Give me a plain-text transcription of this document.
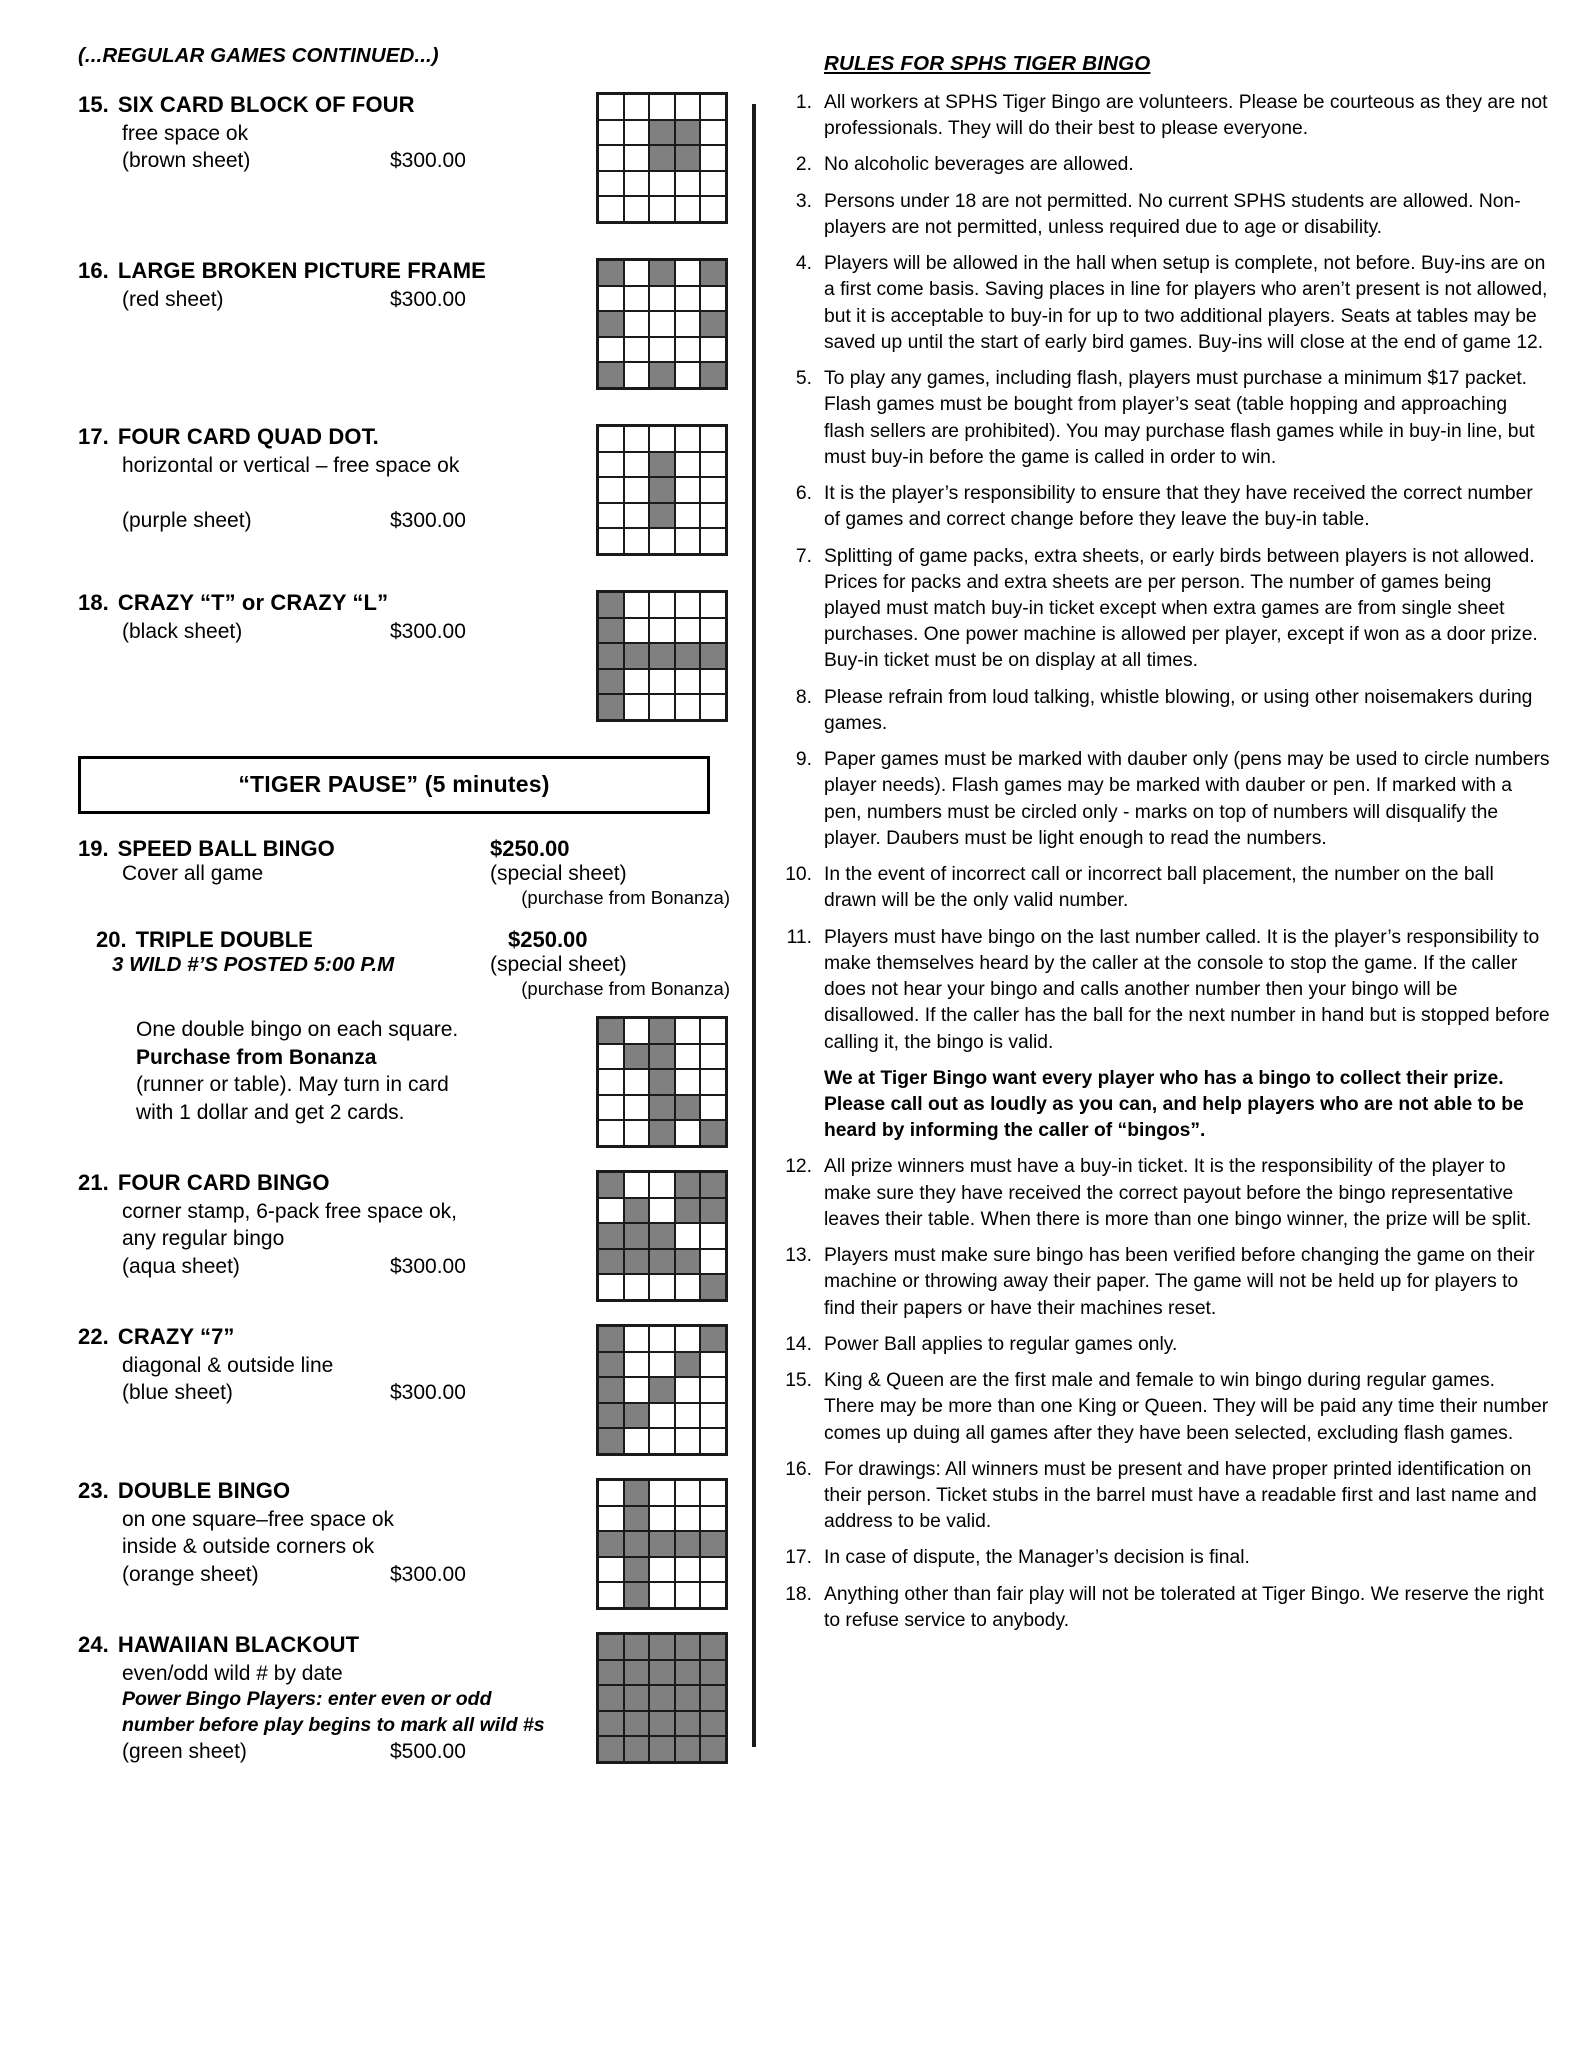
(...REGULAR GAMES CONTINUED...)
15. SIX CARD BLOCK OF FOUR
free space ok
(brown sheet)	$300.00
16. LARGE BROKEN PICTURE FRAME
(red sheet)	$300.00
17. FOUR CARD QUAD DOT.
horizontal or vertical – free space ok

(purple sheet)	$300.00
18. CRAZY “T” or CRAZY “L”
(black sheet)	$300.00
“TIGER PAUSE” (5 minutes)
19. SPEED BALL BINGO	$250.00
Cover all game	(special sheet)
(purchase from Bonanza)
20. TRIPLE DOUBLE	$250.00
3 WILD #’S POSTED 5:00 P.M	(special sheet)
(purchase from Bonanza)
One double bingo on each square.
Purchase from Bonanza
(runner or table). May turn in card
with 1 dollar and get 2 cards.
21. FOUR CARD BINGO
corner stamp, 6-pack free space ok,
any regular bingo
(aqua sheet)	$300.00
22. CRAZY “7”
diagonal & outside line
(blue sheet)	$300.00
23. DOUBLE BINGO
on one square–free space ok
inside & outside corners ok
(orange sheet)	$300.00
24. HAWAIIAN BLACKOUT
even/odd wild # by date
Power Bingo Players: enter even or odd
number before play begins to mark all wild #s
(green sheet)	$500.00
RULES FOR SPHS TIGER BINGO
1. All workers at SPHS Tiger Bingo are volunteers. Please be courteous as they are not professionals. They will do their best to please everyone.
2. No alcoholic beverages are allowed.
3. Persons under 18 are not permitted. No current SPHS students are allowed. Non-players are not permitted, unless required due to age or disability.
4. Players will be allowed in the hall when setup is complete, not before. Buy-ins are on a first come basis. Saving places in line for players who aren’t present is not allowed, but it is acceptable to buy-in for up to two additional players. Seats at tables may be saved up until the start of early bird games. Buy-ins will close at the end of game 12.
5. To play any games, including flash, players must purchase a minimum $17 packet. Flash games must be bought from player’s seat (table hopping and approaching flash sellers are prohibited). You may purchase flash games while in buy-in line, but must buy-in before the game is called in order to win.
6. It is the player’s responsibility to ensure that they have received the correct number of games and correct change before they leave the buy-in table.
7. Splitting of game packs, extra sheets, or early birds between players is not allowed. Prices for packs and extra sheets are per person. The number of games being played must match buy-in ticket except when extra games are from single sheet purchases. One power machine is allowed per player, except if won as a door prize. Buy-in ticket must be on display at all times.
8. Please refrain from loud talking, whistle blowing, or using other noisemakers during games.
9. Paper games must be marked with dauber only (pens may be used to circle numbers player needs). Flash games may be marked with dauber or pen. If marked with a pen, numbers must be circled only - marks on top of numbers will disqualify the player. Daubers must be light enough to read the numbers.
10. In the event of incorrect call or incorrect ball placement, the number on the ball drawn will be the only valid number.
11. Players must have bingo on the last number called. It is the player’s responsibility to make themselves heard by the caller at the console to stop the game. If the caller does not hear your bingo and calls another number then your bingo will be disallowed. If the caller has the ball for the next number in hand but is stopped before calling it, the bingo is valid.
We at Tiger Bingo want every player who has a bingo to collect their prize. Please call out as loudly as you can, and help players who are not able to be heard by informing the caller of “bingos”.
12. All prize winners must have a buy-in ticket. It is the responsibility of the player to make sure they have received the correct payout before the bingo representative leaves their table. When there is more than one bingo winner, the prize will be split.
13. Players must make sure bingo has been verified before changing the game on their machine or throwing away their paper. The game will not be held up for players to find their papers or have their machines reset.
14. Power Ball applies to regular games only.
15. King & Queen are the first male and female to win bingo during regular games. There may be more than one King or Queen. They will be paid any time their number comes up duing all games after they have been selected, excluding flash games.
16. For drawings: All winners must be present and have proper printed identification on their person. Ticket stubs in the barrel must have a readable first and last name and address to be valid.
17. In case of dispute, the Manager’s decision is final.
18. Anything other than fair play will not be tolerated at Tiger Bingo. We reserve the right to refuse service to anybody.
